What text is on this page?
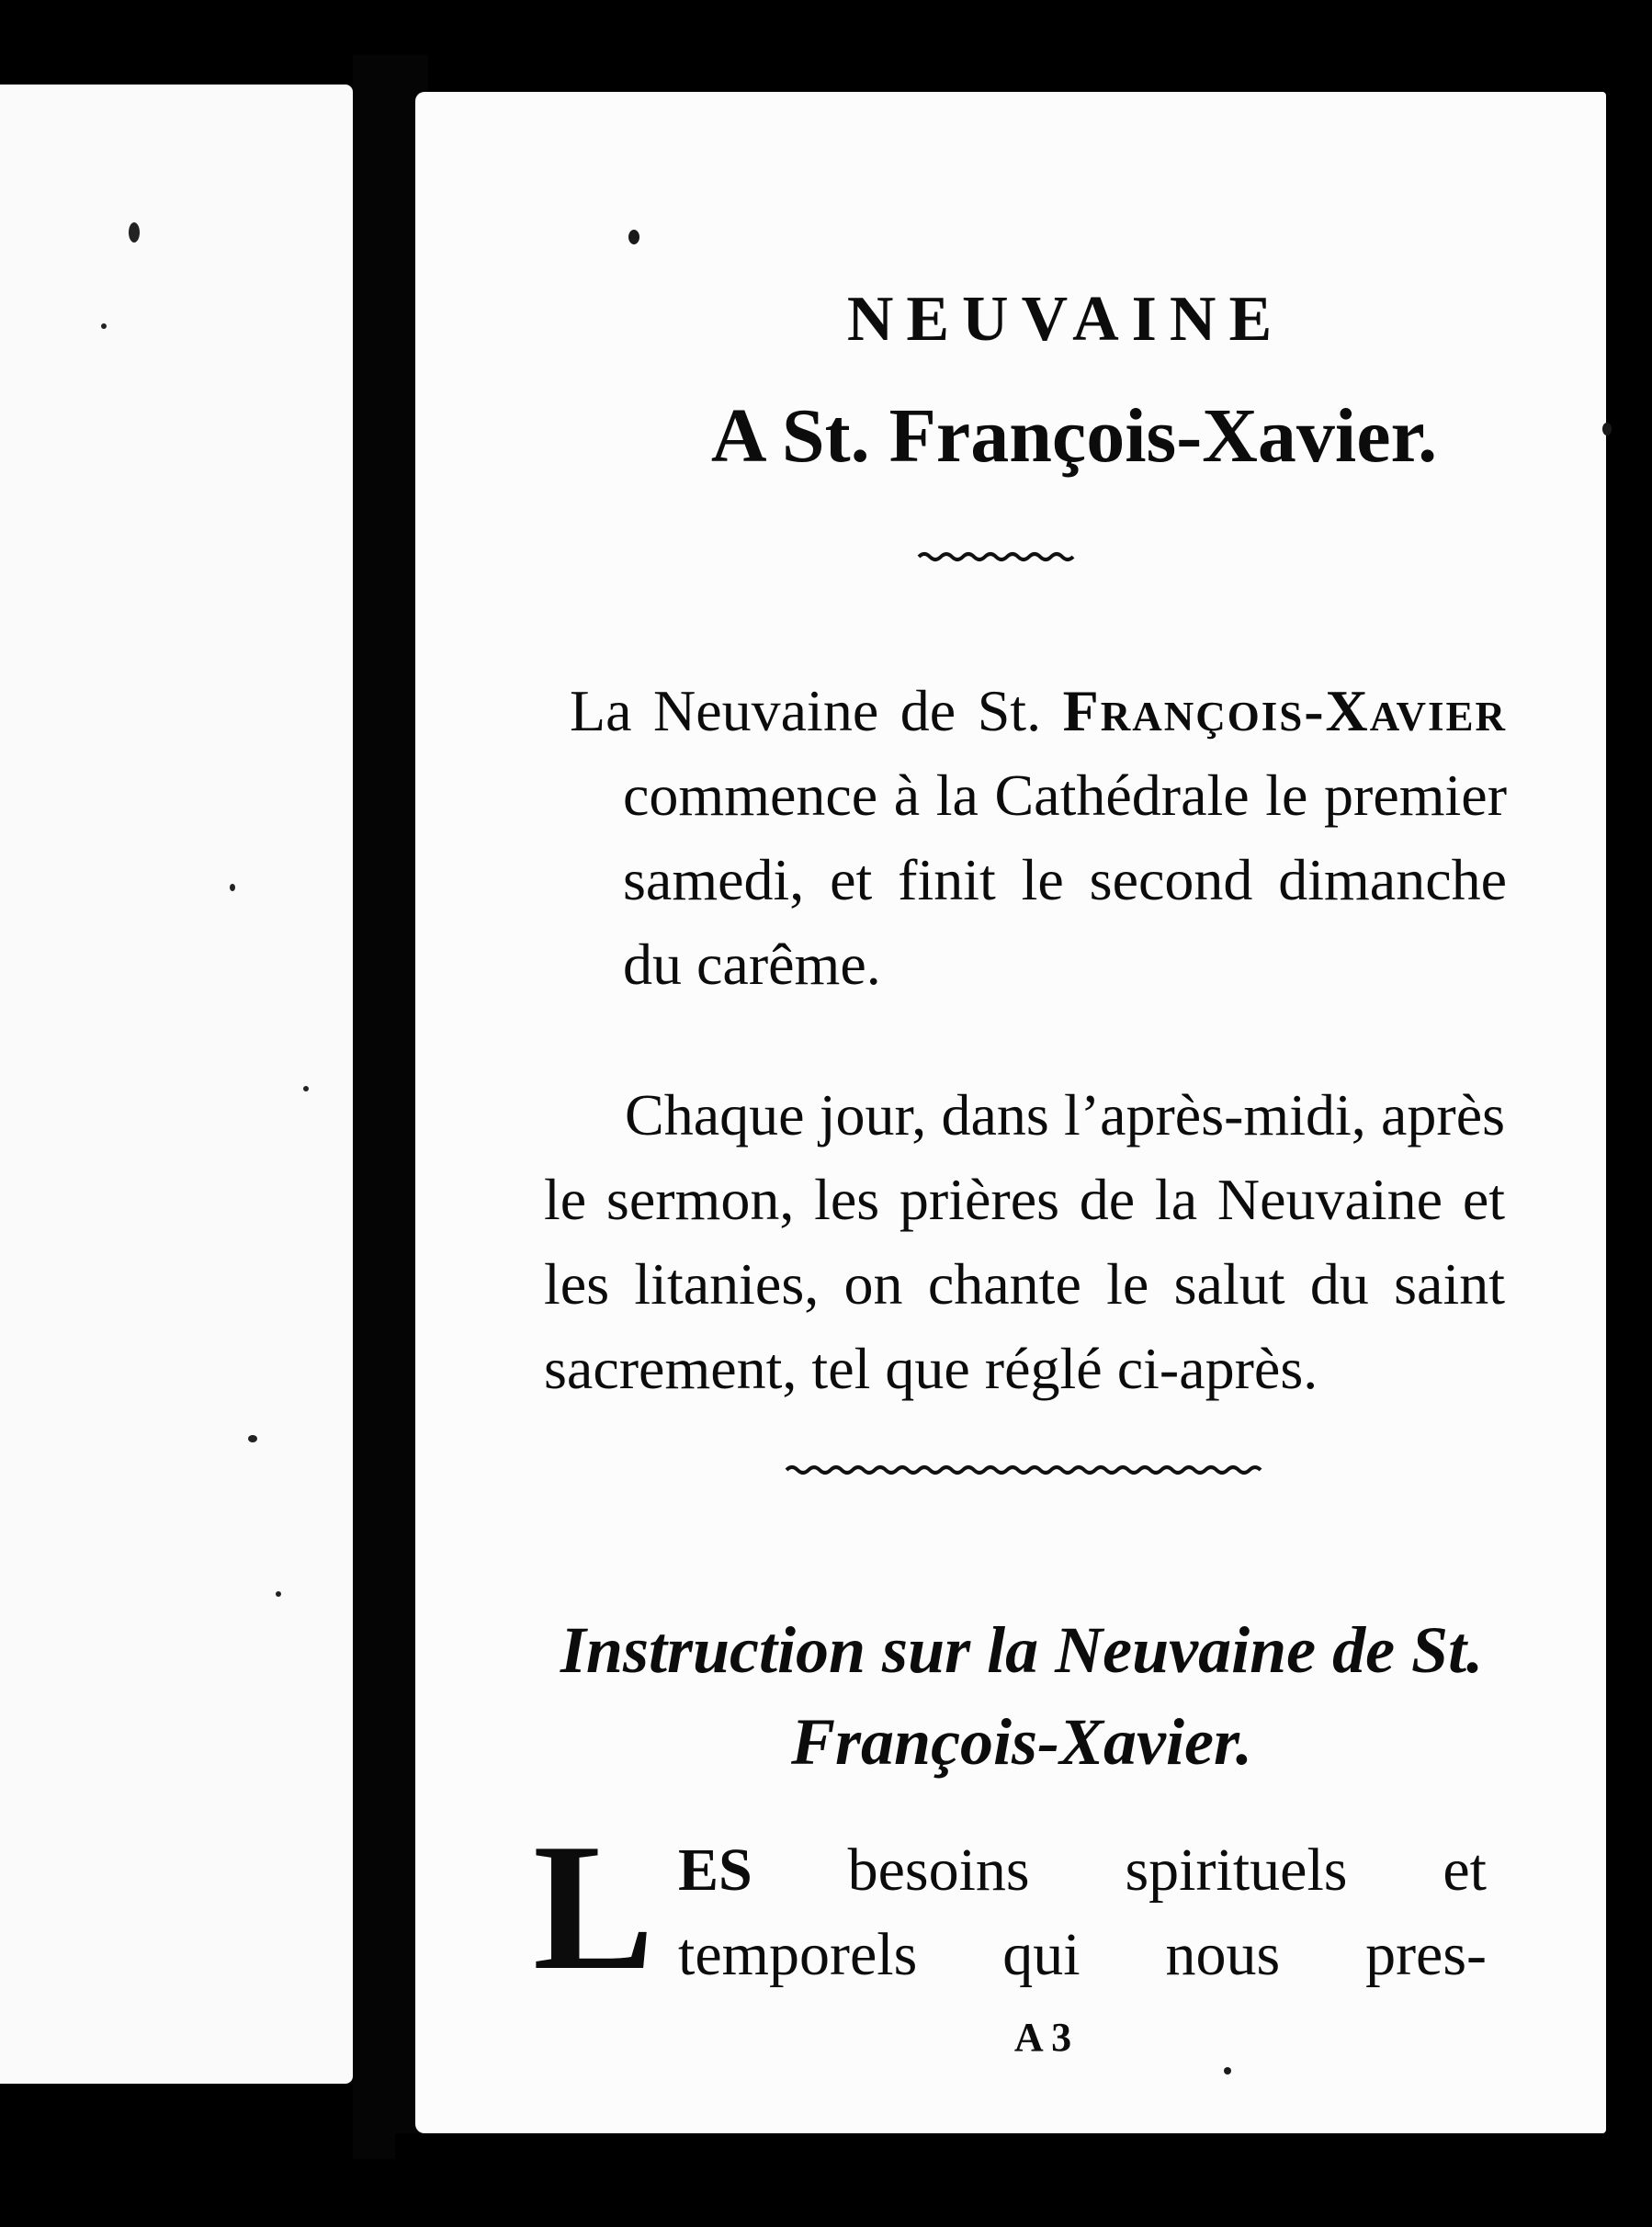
NEUVAINE
A St. François-Xavier.

La Neuvaine de St. François-Xavier commence à la Cathédrale le premier samedi, et finit le second dimanche du carême.

Chaque jour, dans l’après-midi, après le sermon, les prières de la Neuvaine et les litanies, on chante le salut du saint sacrement, tel que réglé ci-après.

Instruction sur la Neuvaine de St. François-Xavier.
L ES besoins spirituels et temporels qui nous pres-
A 3
